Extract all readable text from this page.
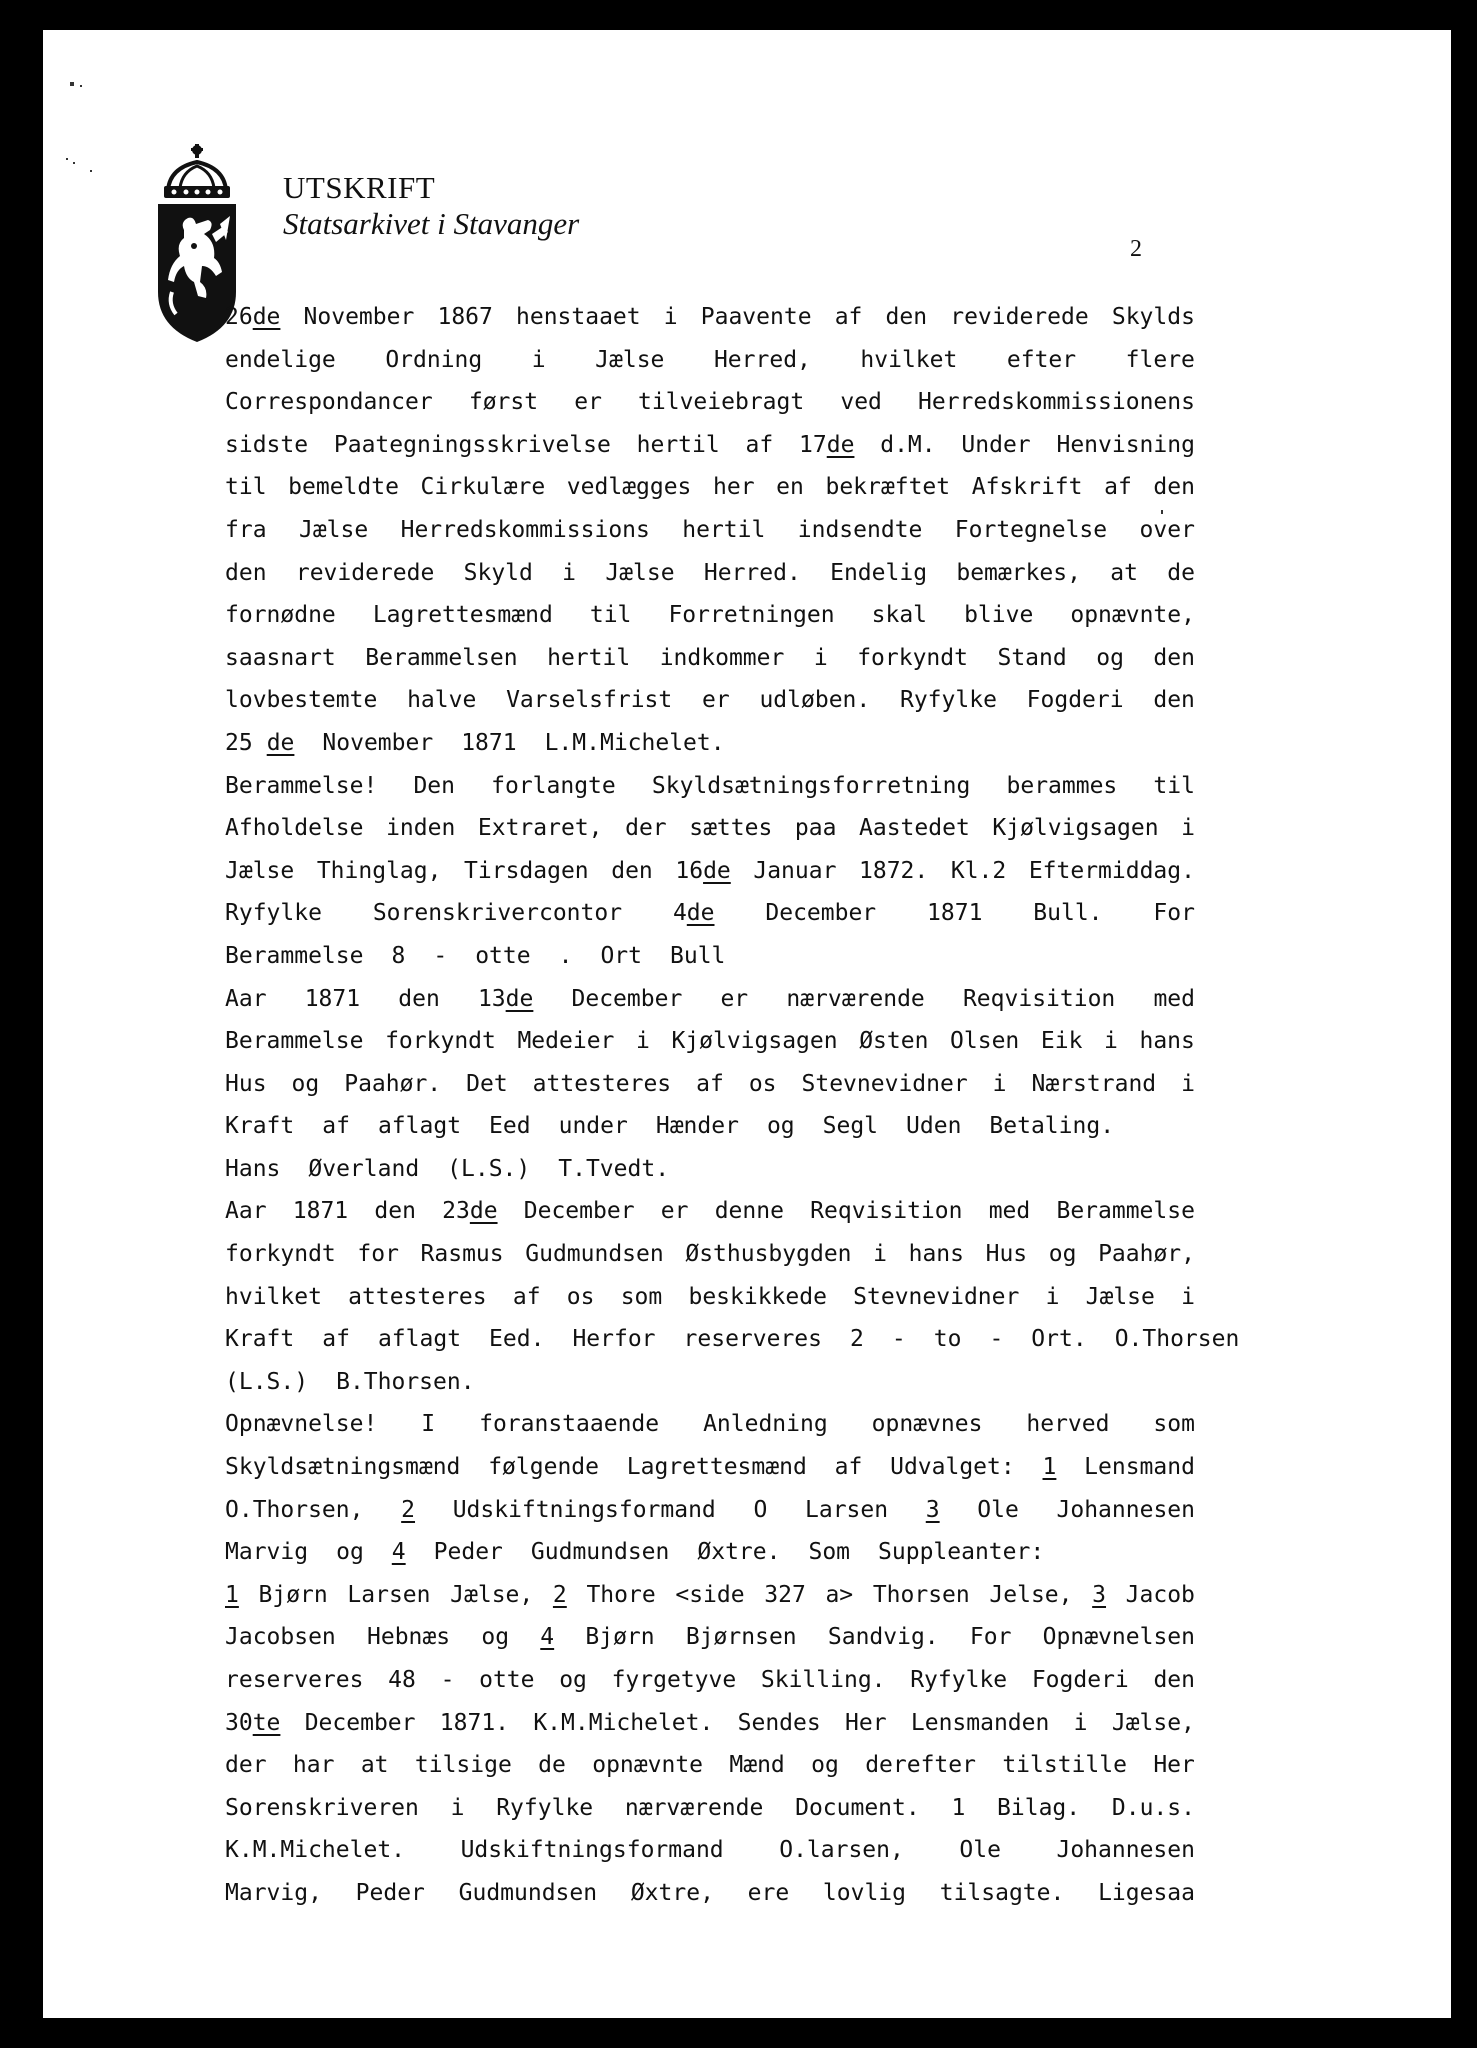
UTSKRIFT
Statsarkivet i Stavanger
2
26de November 1867 henstaaet i Paavente af den reviderede Skylds
endelige Ordning i Jælse Herred, hvilket efter flere
Correspondancer først er tilveiebragt ved Herredskommissionens
sidste Paategningsskrivelse hertil af 17de d.M. Under Henvisning
til bemeldte Cirkulære vedlægges her en bekræftet Afskrift af den
fra Jælse Herredskommissions hertil indsendte Fortegnelse over
den reviderede Skyld i Jælse Herred. Endelig bemærkes, at de
fornødne Lagrettesmænd til Forretningen skal blive opnævnte,
saasnart Berammelsen hertil indkommer i forkyndt Stand og den
lovbestemte halve Varselsfrist er udløben. Ryfylke Fogderi den
25 de	November	1871	L.M.Michelet.
Berammelse! Den forlangte Skyldsætningsforretning berammes til
Afholdelse inden Extraret, der sættes paa Aastedet Kjølvigsagen i
Jælse Thinglag, Tirsdagen den 16de Januar 1872. Kl.2 Eftermiddag.
Ryfylke Sorenskrivercontor 4de December 1871 Bull. For
Berammelse	8	-	otte	.	Ort	Bull
Aar 1871 den 13de December er nærværende Reqvisition med
Berammelse forkyndt Medeier i Kjølvigsagen Østen Olsen Eik i hans
Hus og Paahør. Det attesteres af os Stevnevidner i Nærstrand i
Kraft	af	aflagt	Eed	under	Hænder	og	Segl	Uden	Betaling.
Hans	Øverland	(L.S.)	T.Tvedt.
Aar 1871 den 23de December er denne Reqvisition med Berammelse
forkyndt for Rasmus Gudmundsen Østhusbygden i hans Hus og Paahør,
hvilket attesteres af os som beskikkede Stevnevidner i Jælse i
Kraft	af	aflagt	Eed.	Herfor	reserveres	2	-	to	-	Ort.	O.Thorsen
(L.S.)	B.Thorsen.
Opnævnelse! I foranstaaende Anledning opnævnes herved som
Skyldsætningsmænd følgende Lagrettesmænd af Udvalget: 1 Lensmand
O.Thorsen, 2 Udskiftningsformand O Larsen 3 Ole Johannesen
Marvig	og	4	Peder	Gudmundsen	Øxtre.	Som	Suppleanter:
1 Bjørn Larsen Jælse, 2 Thore <side 327 a> Thorsen Jelse, 3 Jacob
Jacobsen Hebnæs og 4 Bjørn Bjørnsen Sandvig. For Opnævnelsen
reserveres 48 - otte og fyrgetyve Skilling. Ryfylke Fogderi den
30te December 1871. K.M.Michelet. Sendes Her Lensmanden i Jælse,
der har at tilsige de opnævnte Mænd og derefter tilstille Her
Sorenskriveren i Ryfylke nærværende Document. 1 Bilag. D.u.s.
K.M.Michelet. Udskiftningsformand O.larsen, Ole Johannesen
Marvig, Peder Gudmundsen Øxtre, ere lovlig tilsagte. Ligesaa
